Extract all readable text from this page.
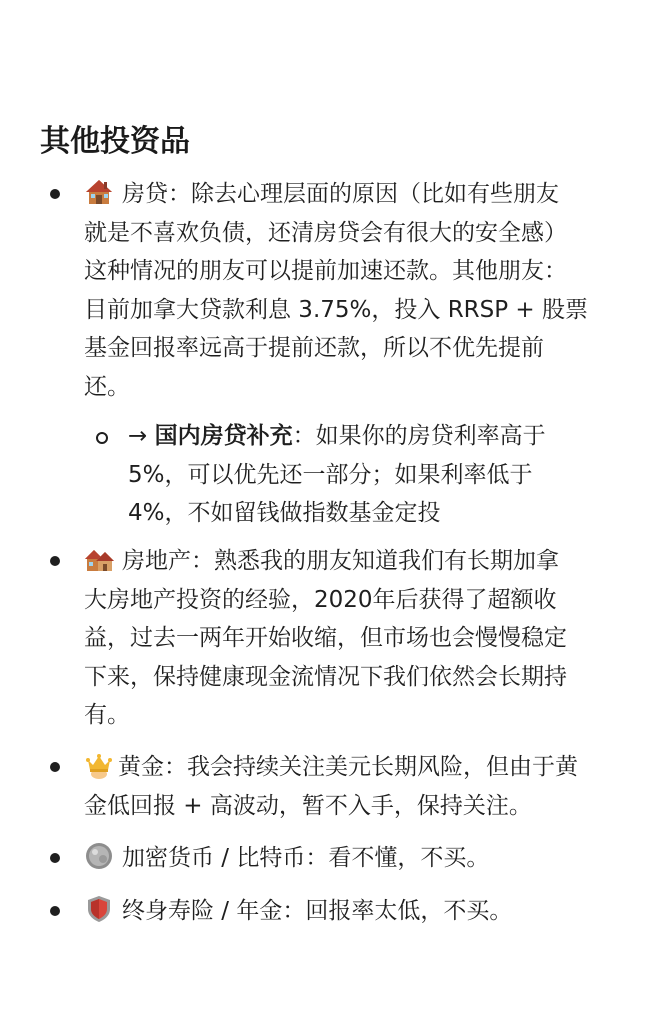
其他投资品
房贷：除去心理层面的原因（比如有些朋友
就是不喜欢负债，还清房贷会有很大的安全感）
这种情况的朋友可以提前加速还款。其他朋友：
目前加拿大贷款利息 3.75%，投入 RRSP + 股票
基金回报率远高于提前还款，所以不优先提前
还。
→ 国内房贷补充：如果你的房贷利率高于
5%，可以优先还一部分；如果利率低于
4%，不如留钱做指数基金定投
房地产：熟悉我的朋友知道我们有长期加拿
大房地产投资的经验，2020年后获得了超额收
益，过去一两年开始收缩，但市场也会慢慢稳定
下来，保持健康现金流情况下我们依然会长期持
有。
黄金：我会持续关注美元长期风险，但由于黄
金低回报 + 高波动，暂不入手，保持关注。
加密货币 / 比特币：看不懂，不买。
终身寿险 / 年金：回报率太低，不买。
